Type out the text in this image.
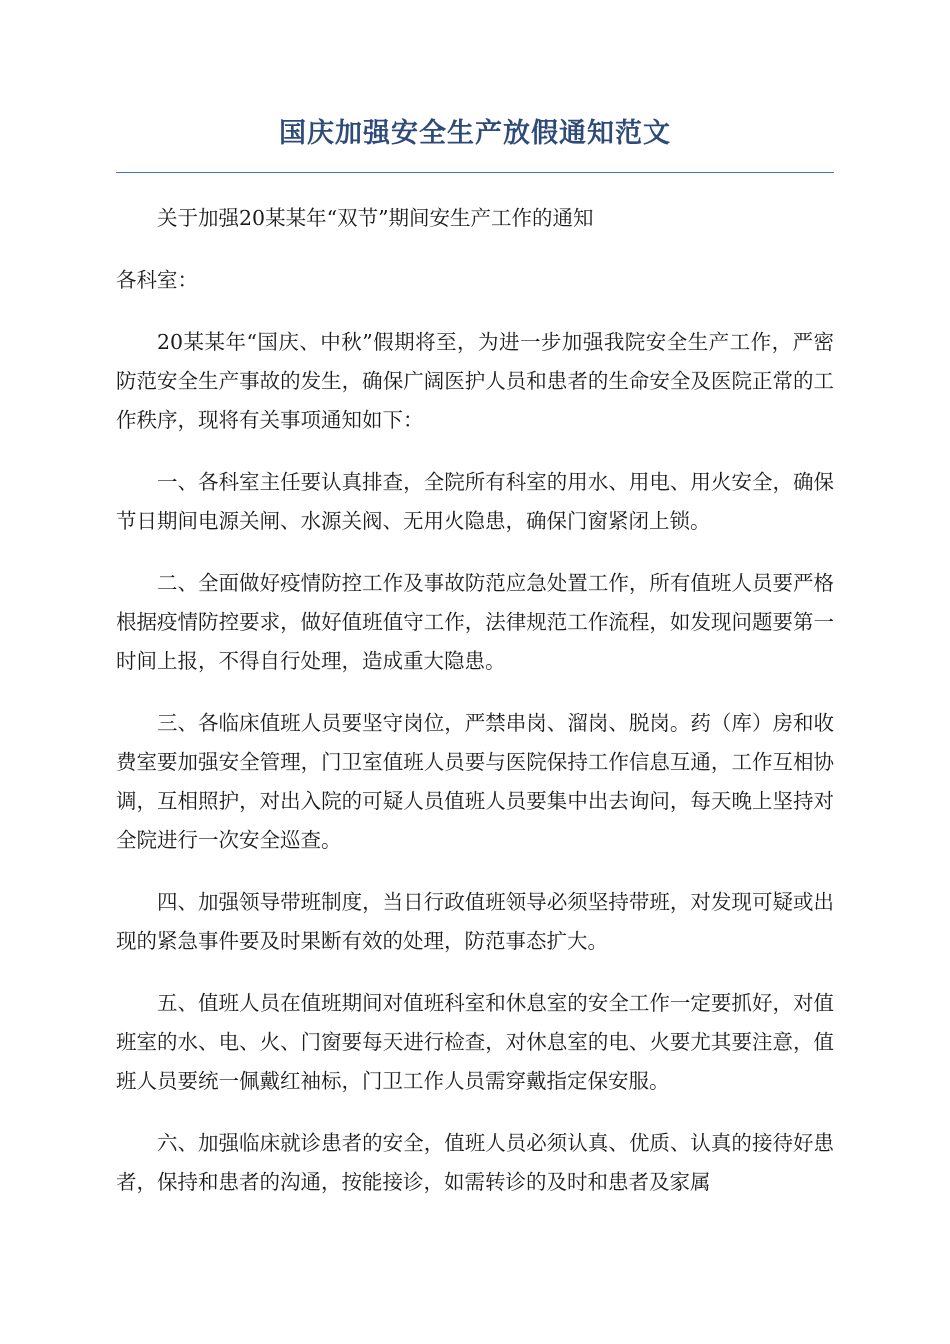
国庆加强安全生产放假通知范文

关于加强20某某年“双节”期间安生产工作的通知

各科室：

20某某年“国庆、中秋”假期将至，为进一步加强我院安全生产工作，严密防范安全生产事故的发生，确保广阔医护人员和患者的生命安全及医院正常的工作秩序，现将有关事项通知如下：

一、各科室主任要认真排查，全院所有科室的用水、用电、用火安全，确保节日期间电源关闸、水源关阀、无用火隐患，确保门窗紧闭上锁。

二、全面做好疫情防控工作及事故防范应急处置工作，所有值班人员要严格根据疫情防控要求，做好值班值守工作，法律规范工作流程，如发现问题要第一时间上报，不得自行处理，造成重大隐患。

三、各临床值班人员要坚守岗位，严禁串岗、溜岗、脱岗。药（库）房和收费室要加强安全管理，门卫室值班人员要与医院保持工作信息互通，工作互相协调，互相照护，对出入院的可疑人员值班人员要集中出去询问，每天晚上坚持对全院进行一次安全巡查。

四、加强领导带班制度，当日行政值班领导必须坚持带班，对发现可疑或出现的紧急事件要及时果断有效的处理，防范事态扩大。

五、值班人员在值班期间对值班科室和休息室的安全工作一定要抓好，对值班室的水、电、火、门窗要每天进行检查，对休息室的电、火要尤其要注意，值班人员要统一佩戴红袖标，门卫工作人员需穿戴指定保安服。

六、加强临床就诊患者的安全，值班人员必须认真、优质、认真的接待好患者，保持和患者的沟通，按能接诊，如需转诊的及时和患者及家属
